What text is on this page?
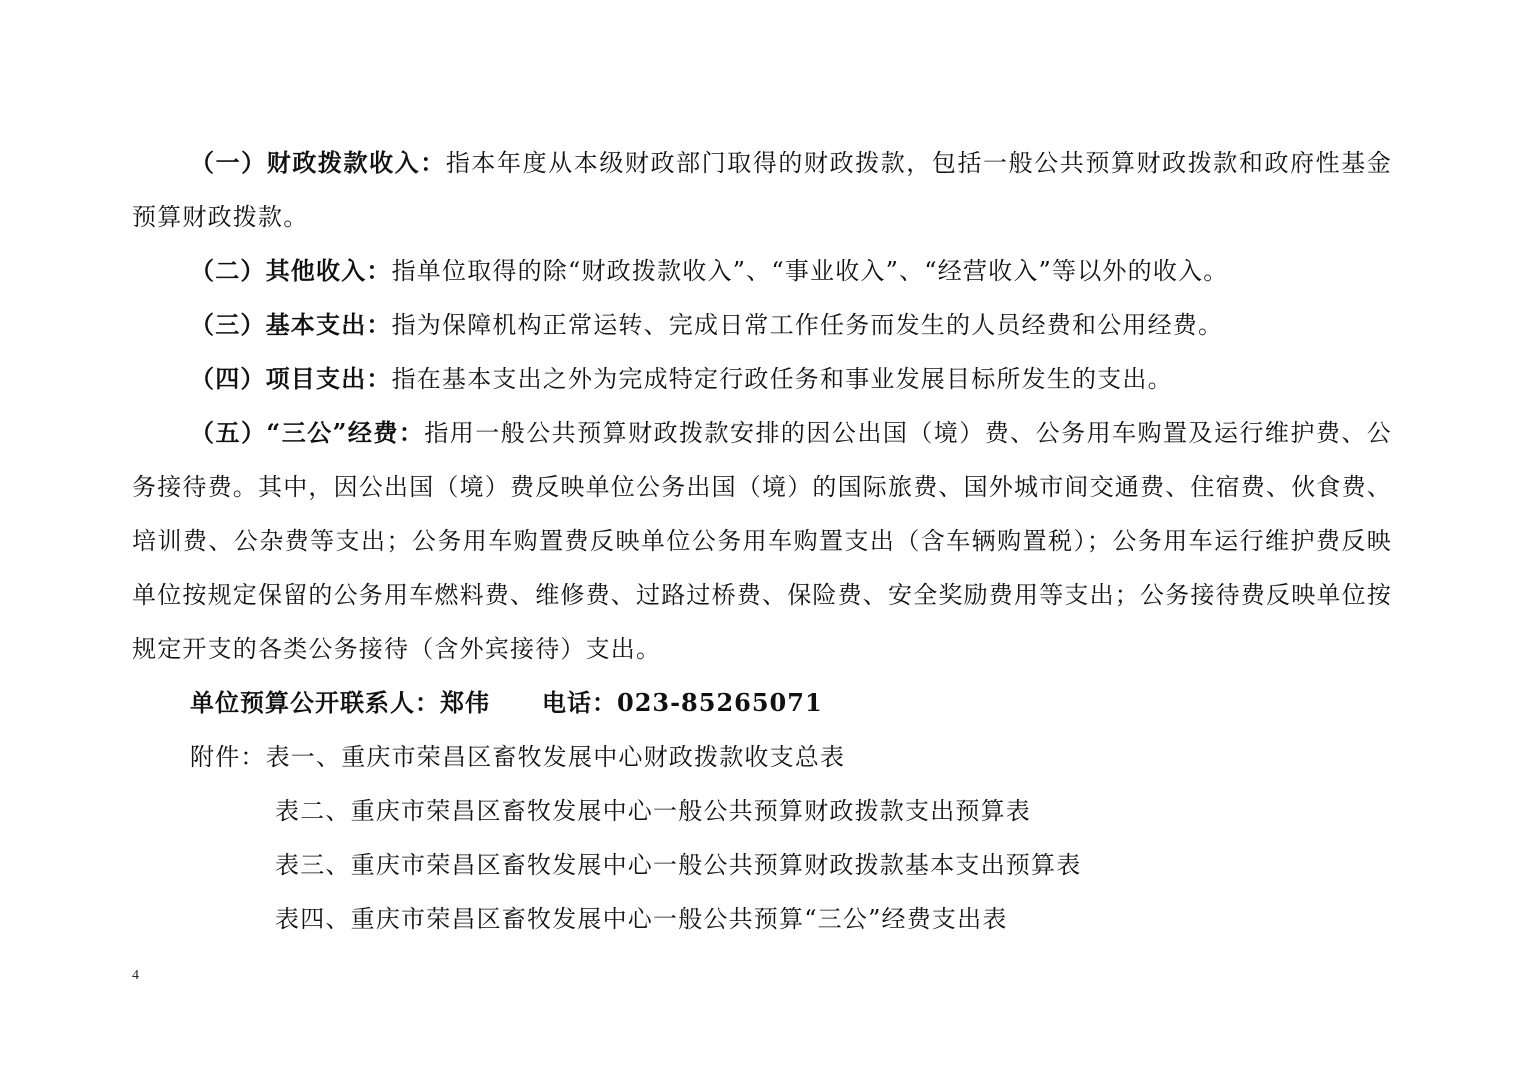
（一）财政拨款收入：指本年度从本级财政部门取得的财政拨款，包括一般公共预算财政拨款和政府性基金预算财政拨款。

（二）其他收入：指单位取得的除“财政拨款收入”、“事业收入”、“经营收入”等以外的收入。

（三）基本支出：指为保障机构正常运转、完成日常工作任务而发生的人员经费和公用经费。

（四）项目支出：指在基本支出之外为完成特定行政任务和事业发展目标所发生的支出。

（五）“三公”经费：指用一般公共预算财政拨款安排的因公出国（境）费、公务用车购置及运行维护费、公务接待费。其中，因公出国（境）费反映单位公务出国（境）的国际旅费、国外城市间交通费、住宿费、伙食费、培训费、公杂费等支出；公务用车购置费反映单位公务用车购置支出（含车辆购置税）；公务用车运行维护费反映单位按规定保留的公务用车燃料费、维修费、过路过桥费、保险费、安全奖励费用等支出；公务接待费反映单位按规定开支的各类公务接待（含外宾接待）支出。

单位预算公开联系人：郑伟 电话：023-85265071

附件：表一、重庆市荣昌区畜牧发展中心财政拨款收支总表

表二、重庆市荣昌区畜牧发展中心一般公共预算财政拨款支出预算表

表三、重庆市荣昌区畜牧发展中心一般公共预算财政拨款基本支出预算表

表四、重庆市荣昌区畜牧发展中心一般公共预算“三公”经费支出表

4
